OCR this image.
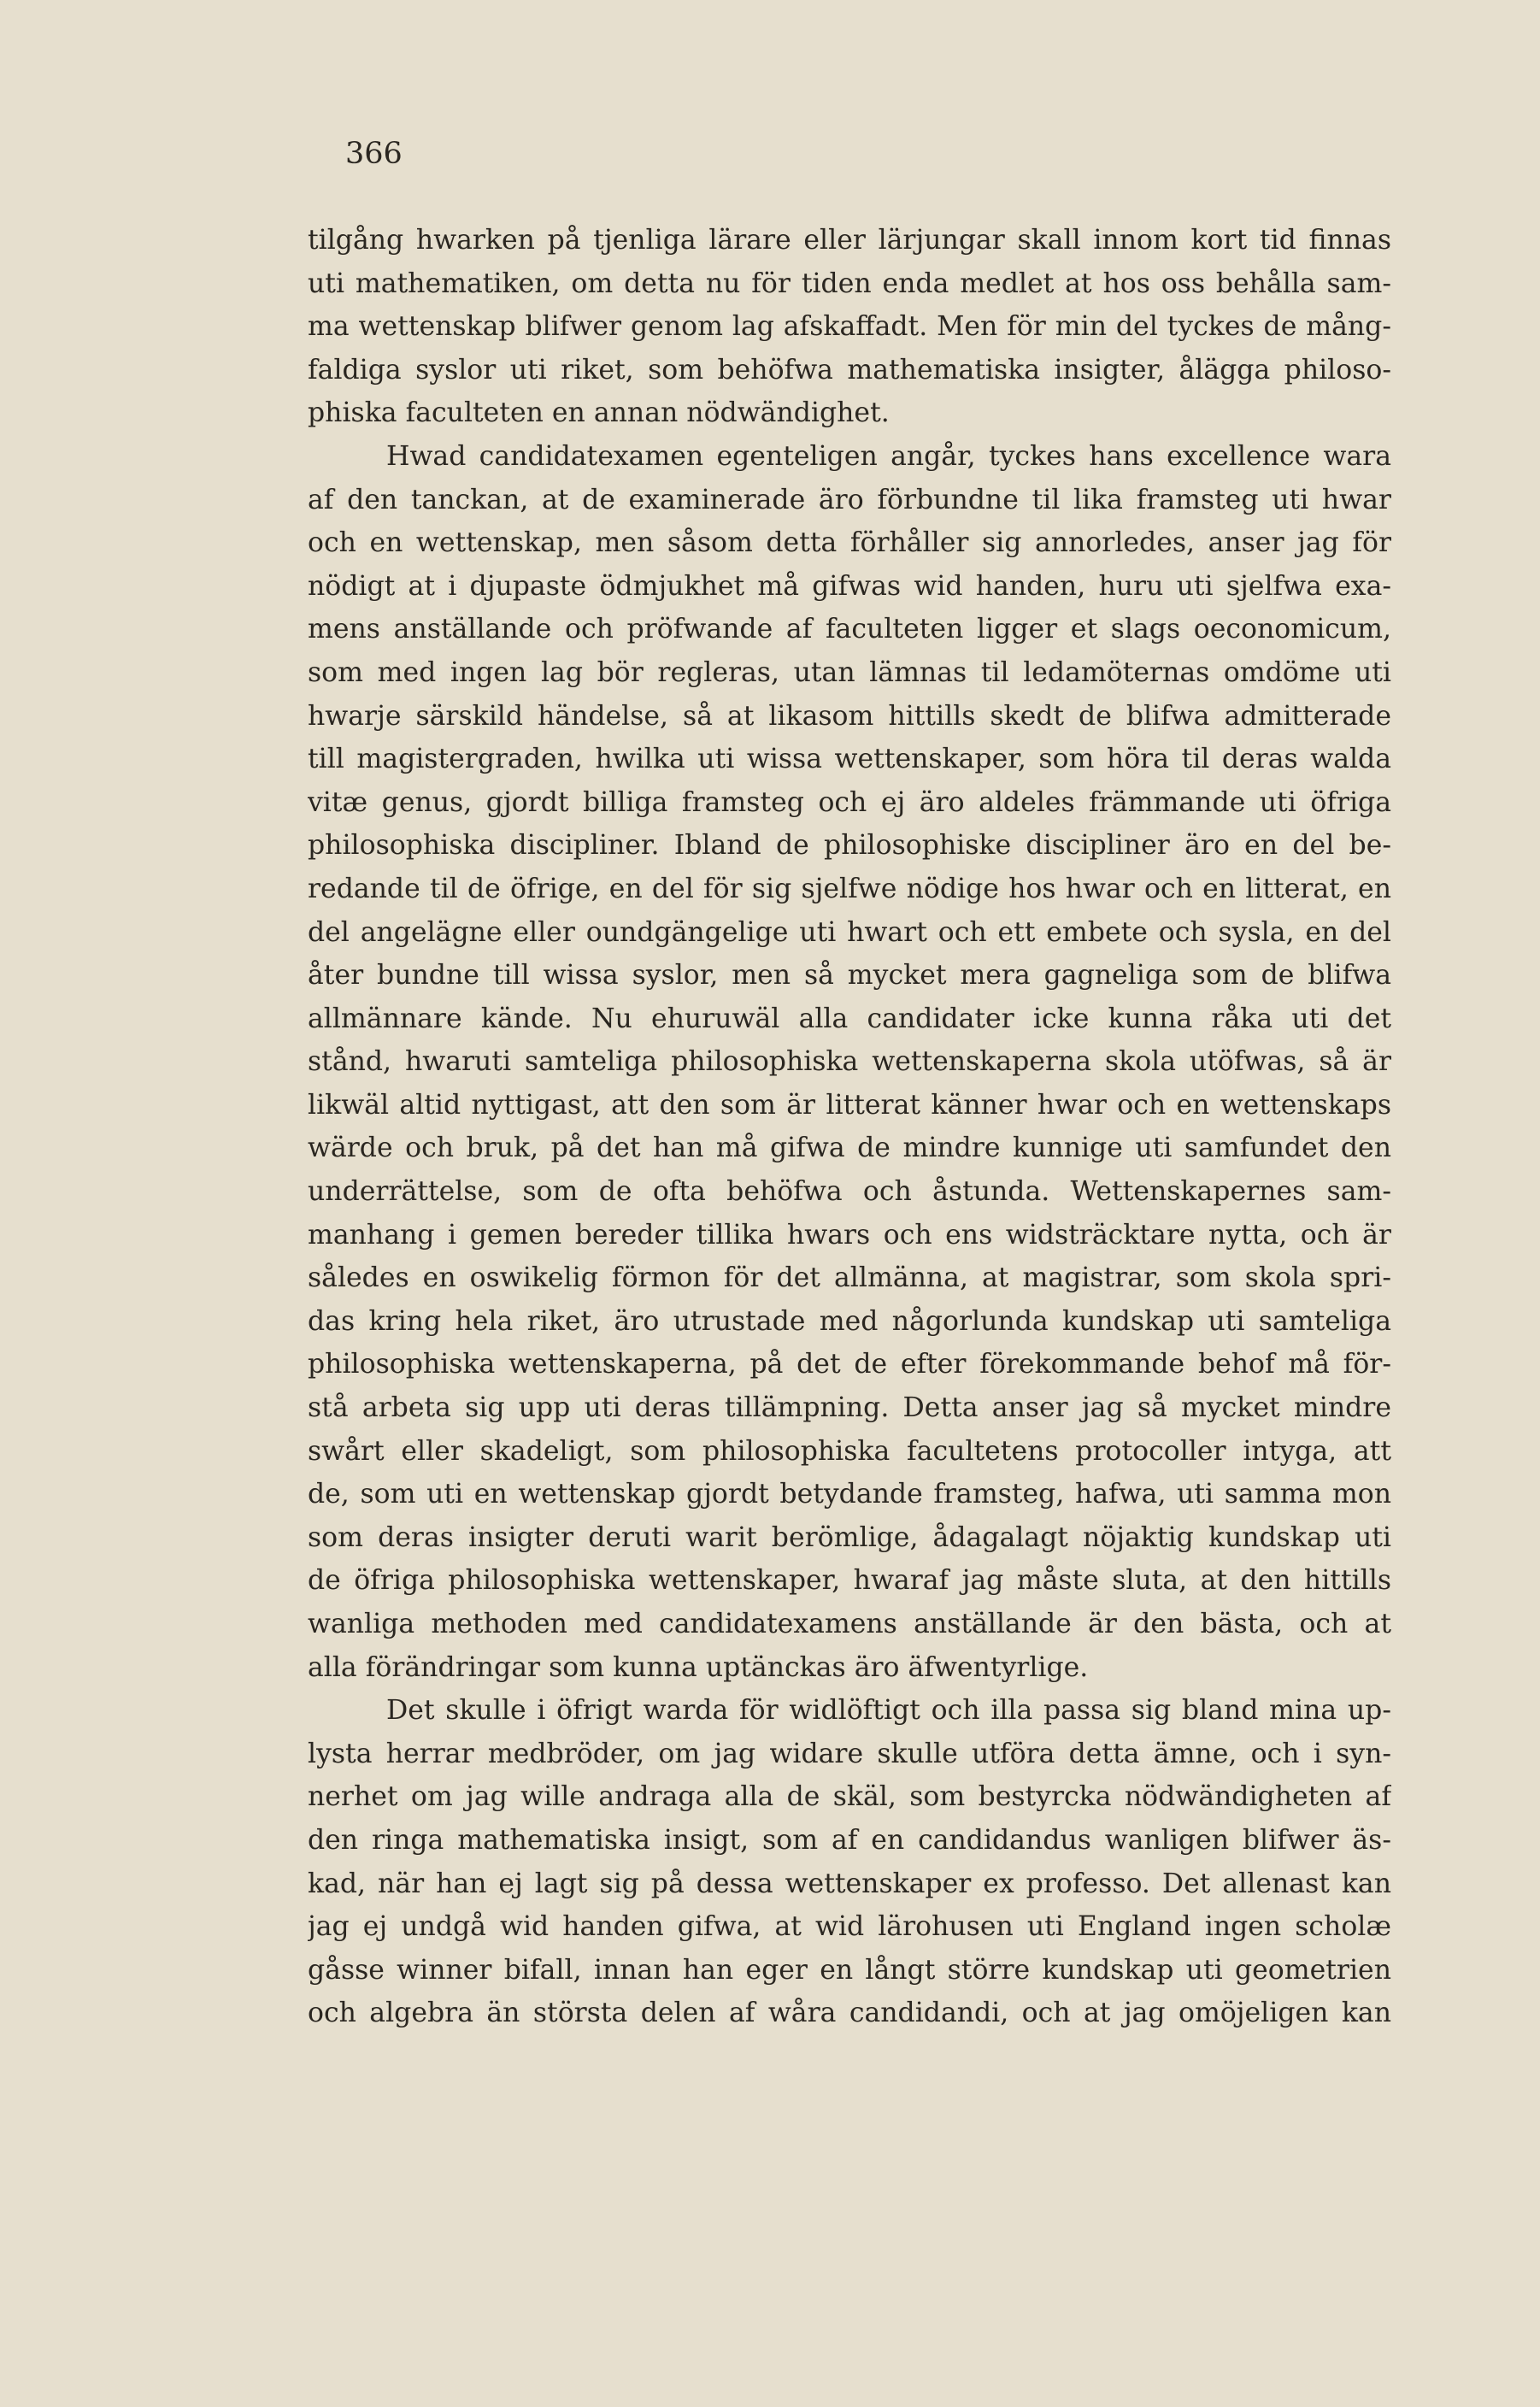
366
tilgång hwarken på tjenliga lärare eller lärjungar skall innom kort tid finnas
uti mathematiken, om detta nu för tiden enda medlet at hos oss behålla sam-
ma wettenskap blifwer genom lag afskaffadt. Men för min del tyckes de mång-
faldiga syslor uti riket, som behöfwa mathematiska insigter, ålägga philoso-
phiska faculteten en annan nödwändighet.
Hwad candidatexamen egenteligen angår, tyckes hans excellence wara
af den tanckan, at de examinerade äro förbundne til lika framsteg uti hwar
och en wettenskap, men såsom detta förhåller sig annorledes, anser jag för
nödigt at i djupaste ödmjukhet må gifwas wid handen, huru uti sjelfwa exa-
mens anställande och pröfwande af faculteten ligger et slags oeconomicum,
som med ingen lag bör regleras, utan lämnas til ledamöternas omdöme uti
hwarje särskild händelse, så at likasom hittills skedt de blifwa admitterade
till magistergraden, hwilka uti wissa wettenskaper, som höra til deras walda
vitæ genus, gjordt billiga framsteg och ej äro aldeles främmande uti öfriga
philosophiska discipliner. Ibland de philosophiske discipliner äro en del be-
redande til de öfrige, en del för sig sjelfwe nödige hos hwar och en litterat, en
del angelägne eller oundgängelige uti hwart och ett embete och sysla, en del
åter bundne till wissa syslor, men så mycket mera gagneliga som de blifwa
allmännare kände. Nu ehuruwäl alla candidater icke kunna råka uti det
stånd, hwaruti samteliga philosophiska wettenskaperna skola utöfwas, så är
likwäl altid nyttigast, att den som är litterat känner hwar och en wettenskaps
wärde och bruk, på det han må gifwa de mindre kunnige uti samfundet den
underrättelse, som de ofta behöfwa och åstunda. Wettenskapernes sam-
manhang i gemen bereder tillika hwars och ens widsträcktare nytta, och är
således en oswikelig förmon för det allmänna, at magistrar, som skola spri-
das kring hela riket, äro utrustade med någorlunda kundskap uti samteliga
philosophiska wettenskaperna, på det de efter förekommande behof må för-
stå arbeta sig upp uti deras tillämpning. Detta anser jag så mycket mindre
swårt eller skadeligt, som philosophiska facultetens protocoller intyga, att
de, som uti en wettenskap gjordt betydande framsteg, hafwa, uti samma mon
som deras insigter deruti warit berömlige, ådagalagt nöjaktig kundskap uti
de öfriga philosophiska wettenskaper, hwaraf jag måste sluta, at den hittills
wanliga methoden med candidatexamens anställande är den bästa, och at
alla förändringar som kunna uptänckas äro äfwentyrlige.
Det skulle i öfrigt warda för widlöftigt och illa passa sig bland mina up-
lysta herrar medbröder, om jag widare skulle utföra detta ämne, och i syn-
nerhet om jag wille andraga alla de skäl, som bestyrcka nödwändigheten af
den ringa mathematiska insigt, som af en candidandus wanligen blifwer äs-
kad, när han ej lagt sig på dessa wettenskaper ex professo. Det allenast kan
jag ej undgå wid handen gifwa, at wid lärohusen uti England ingen scholæ
gåsse winner bifall, innan han eger en långt större kundskap uti geometrien
och algebra än största delen af wåra candidandi, och at jag omöjeligen kan
